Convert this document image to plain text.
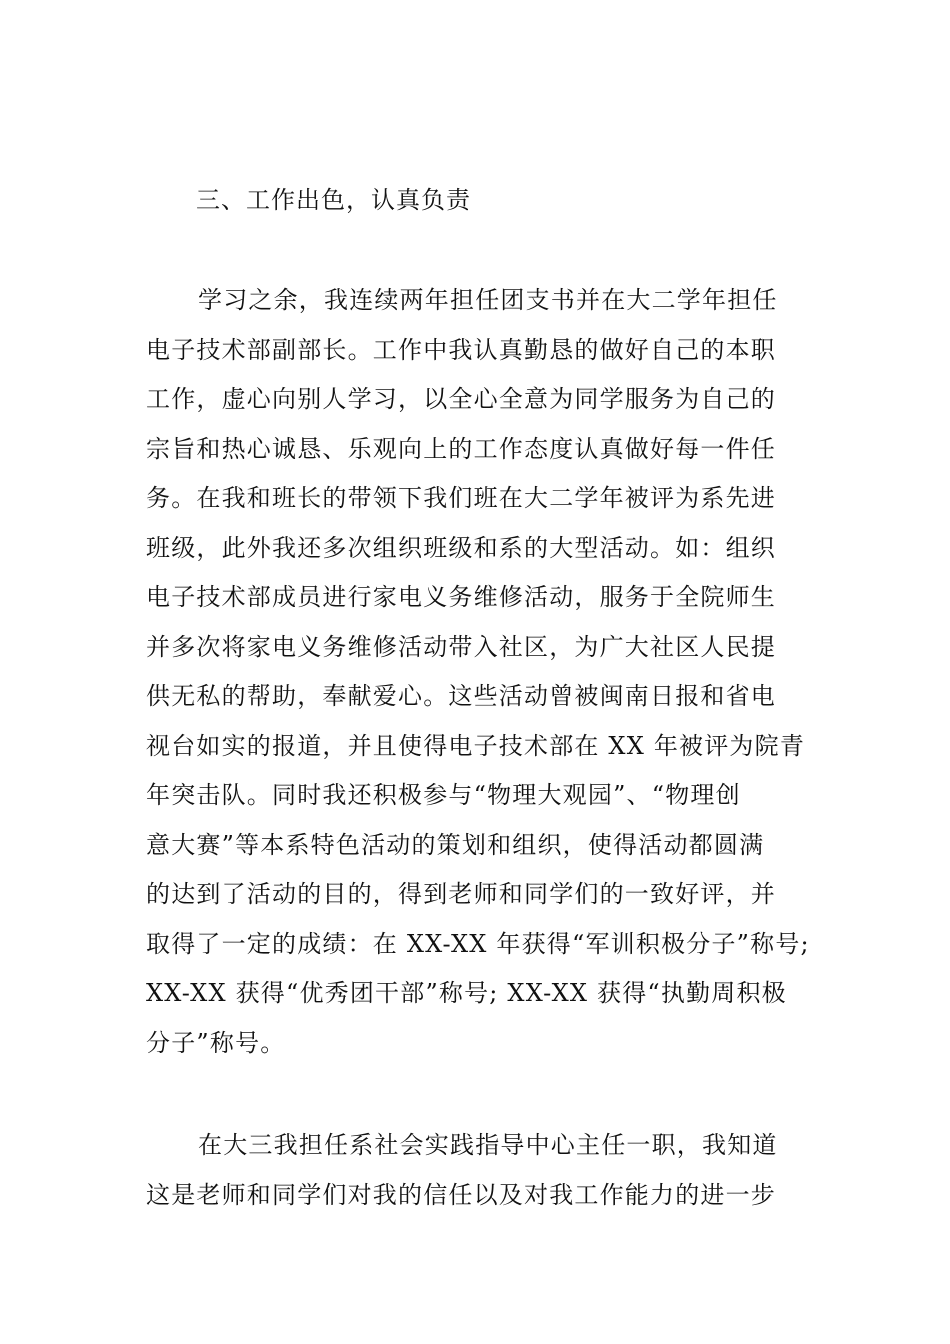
三、工作出色，认真负责
学习之余，我连续两年担任团支书并在大二学年担任
电子技术部副部长。工作中我认真勤恳的做好自己的本职
工作，虚心向别人学习，以全心全意为同学服务为自己的
宗旨和热心诚恳、乐观向上的工作态度认真做好每一件任
务。在我和班长的带领下我们班在大二学年被评为系先进
班级，此外我还多次组织班级和系的大型活动。如：组织
电子技术部成员进行家电义务维修活动，服务于全院师生
并多次将家电义务维修活动带入社区，为广大社区人民提
供无私的帮助，奉献爱心。这些活动曾被闽南日报和省电
视台如实的报道，并且使得电子技术部在 XX 年被评为院青
年突击队。同时我还积极参与“物理大观园”、“物理创
意大赛”等本系特色活动的策划和组织，使得活动都圆满
的达到了活动的目的，得到老师和同学们的一致好评，并
取得了一定的成绩：在 XX-XX 年获得“军训积极分子”称号;
XX-XX 获得“优秀团干部”称号; XX-XX 获得“执勤周积极
分子”称号。
在大三我担任系社会实践指导中心主任一职，我知道
这是老师和同学们对我的信任以及对我工作能力的进一步
